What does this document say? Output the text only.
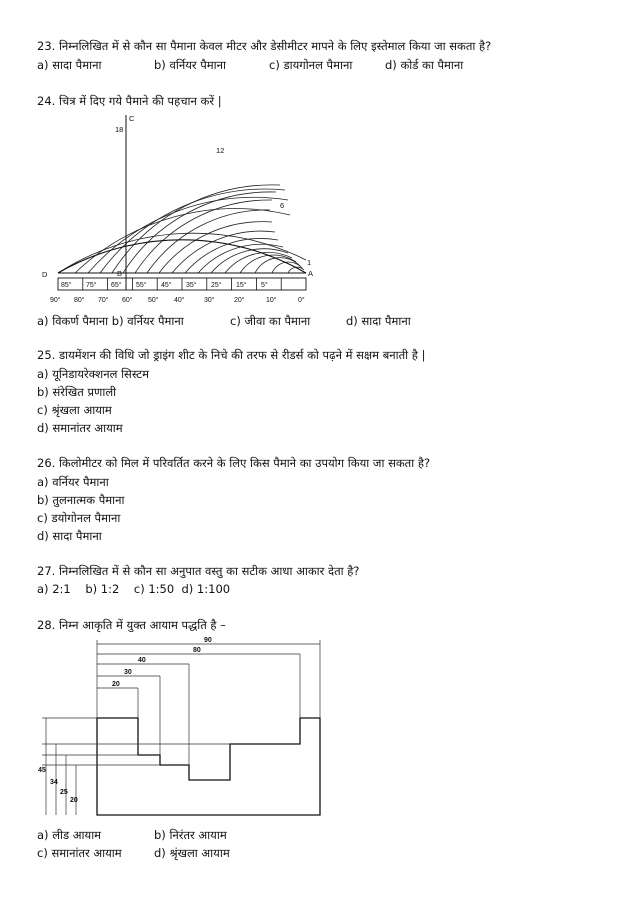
23. निम्नलिखित में से कौन सा पैमाना केवल मीटर और डेसीमीटर मापने के लिए इस्तेमाल किया जा सकता है?
a) सादा पैमाना	b) वर्नियर पैमाना	c) डायगोनल पैमाना	d) कोर्ड का पैमाना
24. चित्र में दिए गये पैमाने की पहचान करें |
C
D	B	A
18
12
6
1
85° 75° 65° 55° 45° 35° 25° 15° 5°
90° 80° 70° 60° 50° 40°	30°	20°	10°	0°
a) विकर्ण पैमाना b) वर्नियर पैमाना	c) जीवा का पैमाना	d) सादा पैमाना
25. डायमेंशन की विधि जो ड्राइंग शीट के निचे की तरफ से रीडर्स को पढ़ने में सक्षम बनाती है |
a) यूनिडायरेक्शनल सिस्टम
b) संरेखित प्रणाली
c) श्रृंखला आयाम
d) समानांतर आयाम
26. किलोमीटर को मिल में परिवर्तित करने के लिए किस पैमाने का उपयोग किया जा सकता है?
a) वर्नियर पैमाना
b) तुलनात्मक पैमाना
c) डयोगोनल पैमाना
d) सादा पैमाना
27. निम्नलिखित में से कौन सा अनुपात वस्तु का सटीक आधा आकार देता है?
a) 2:1    b) 1:2    c) 1:50  d) 1:100
28. निम्न आकृति में युक्त आयाम पद्धति है –
90
80
40
30
20
45
34
25
20
a) लीड आयाम	b) निरंतर आयाम
c) समानांतर आयाम	d) श्रृंखला आयाम
